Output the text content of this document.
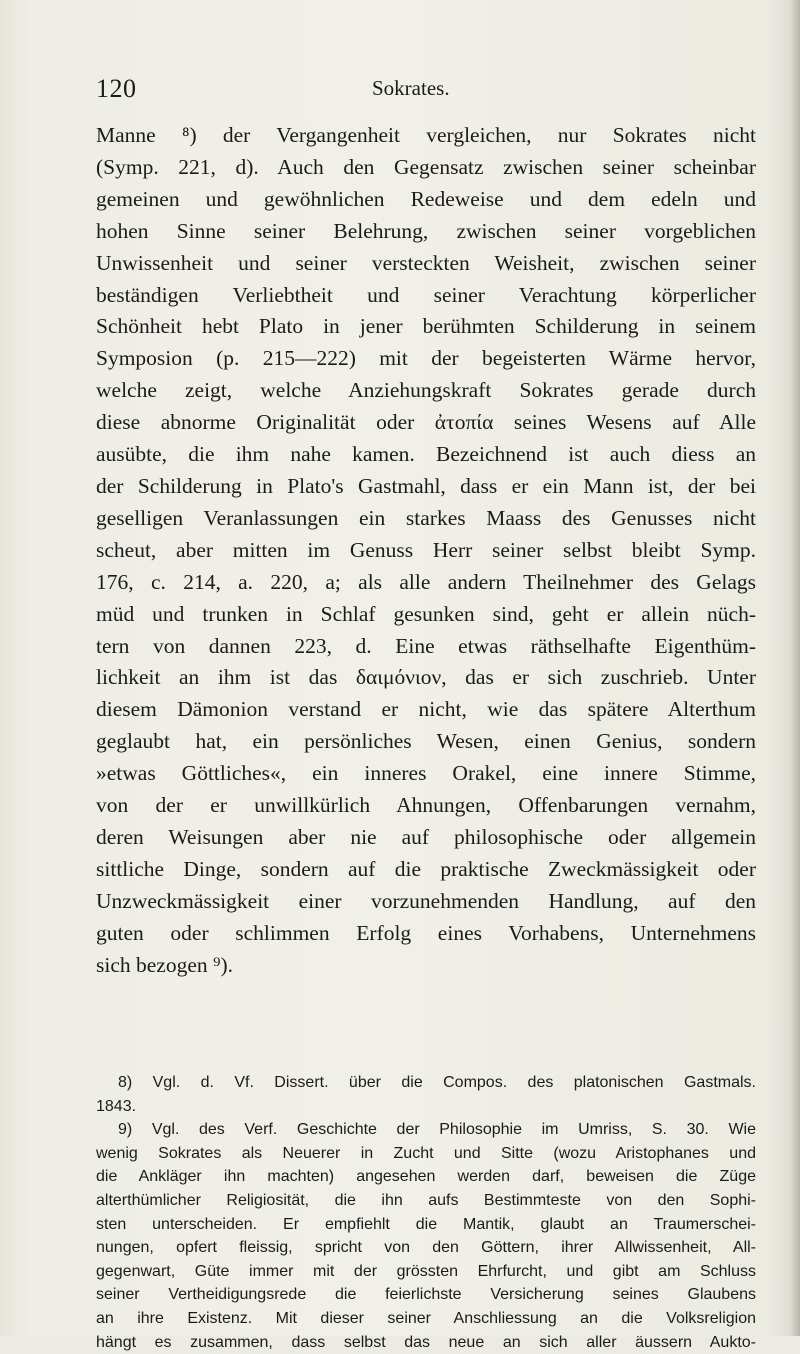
120	Sokrates.
Manne ⁸) der Vergangenheit vergleichen, nur Sokrates nicht
(Symp. 221, d). Auch den Gegensatz zwischen seiner scheinbar
gemeinen und gewöhnlichen Redeweise und dem edeln und
hohen Sinne seiner Belehrung, zwischen seiner vorgeblichen
Unwissenheit und seiner versteckten Weisheit, zwischen seiner
beständigen Verliebtheit und seiner Verachtung körperlicher
Schönheit hebt Plato in jener berühmten Schilderung in seinem
Symposion (p. 215—222) mit der begeisterten Wärme hervor,
welche zeigt, welche Anziehungskraft Sokrates gerade durch
diese abnorme Originalität oder ἀτοπία seines Wesens auf Alle
ausübte, die ihm nahe kamen. Bezeichnend ist auch diess an
der Schilderung in Plato's Gastmahl, dass er ein Mann ist, der bei
geselligen Veranlassungen ein starkes Maass des Genusses nicht
scheut, aber mitten im Genuss Herr seiner selbst bleibt Symp.
176, c. 214, a. 220, a; als alle andern Theilnehmer des Gelags
müd und trunken in Schlaf gesunken sind, geht er allein nüch-
tern von dannen 223, d. Eine etwas räthselhafte Eigenthüm-
lichkeit an ihm ist das δαιμόνιον, das er sich zuschrieb. Unter
diesem Dämonion verstand er nicht, wie das spätere Alterthum
geglaubt hat, ein persönliches Wesen, einen Genius, sondern
»etwas Göttliches«, ein inneres Orakel, eine innere Stimme,
von der er unwillkürlich Ahnungen, Offenbarungen vernahm,
deren Weisungen aber nie auf philosophische oder allgemein
sittliche Dinge, sondern auf die praktische Zweckmässigkeit oder
Unzweckmässigkeit einer vorzunehmenden Handlung, auf den
guten oder schlimmen Erfolg eines Vorhabens, Unternehmens
sich bezogen ⁹).
8) Vgl. d. Vf. Dissert. über die Compos. des platonischen Gastmals.
1843.
9) Vgl. des Verf. Geschichte der Philosophie im Umriss, S. 30. Wie
wenig Sokrates als Neuerer in Zucht und Sitte (wozu Aristophanes und
die Ankläger ihn machten) angesehen werden darf, beweisen die Züge
alterthümlicher Religiosität, die ihn aufs Bestimmteste von den Sophi-
sten unterscheiden. Er empfiehlt die Mantik, glaubt an Traumerschei-
nungen, opfert fleissig, spricht von den Göttern, ihrer Allwissenheit, All-
gegenwart, Güte immer mit der grössten Ehrfurcht, und gibt am Schluss
seiner Vertheidigungsrede die feierlichste Versicherung seines Glaubens
an ihre Existenz. Mit dieser seiner Anschliessung an die Volksreligion
hängt es zusammen, dass selbst das neue an sich aller äussern Aukto-
